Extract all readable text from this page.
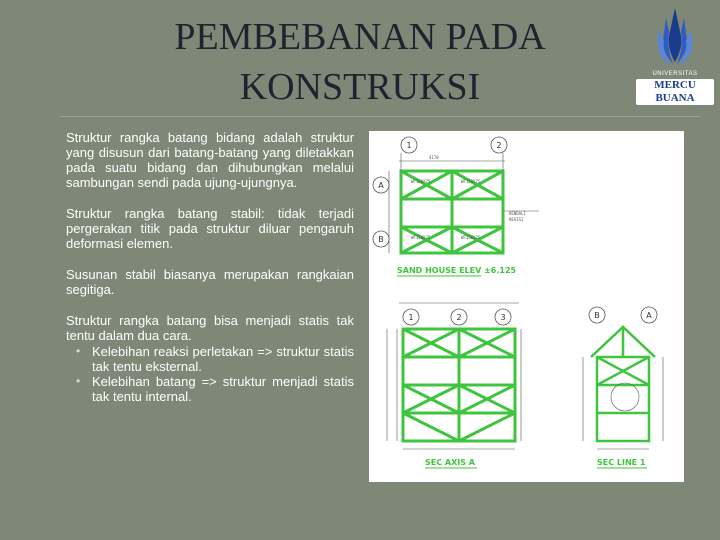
PEMBEBANAN PADA
KONSTRUKSI	UNIVERSITAS
MERCU BUANA
Struktur rangka batang bidang adalah struktur yang disusun dari batang-batang yang diletakkan pada suatu bidang dan dihubungkan melalui sambungan sendi pada ujung-ujungnya.
Struktur rangka batang stabil: tidak terjadi pergerakan titik pada struktur diluar pengaruh deformasi elemen.
Susunan stabil biasanya merupakan rangkaian segitiga.
Struktur rangka batang bisa menjadi statis tak tentu dalam dua cara.
• Kelebihan reaksi perletakan => struktur statis tak tentu eksternal.
• Kelebihan batang => struktur menjadi statis tak tentu internal.
4170
KENDALI
REVISI
WF150X75	WF150X75
WF150X75	WF150X75
1	2
A
B
SAND HOUSE ELEV ±6.125
1	2	3
SEC AXIS A
B	A
SEC LINE 1
